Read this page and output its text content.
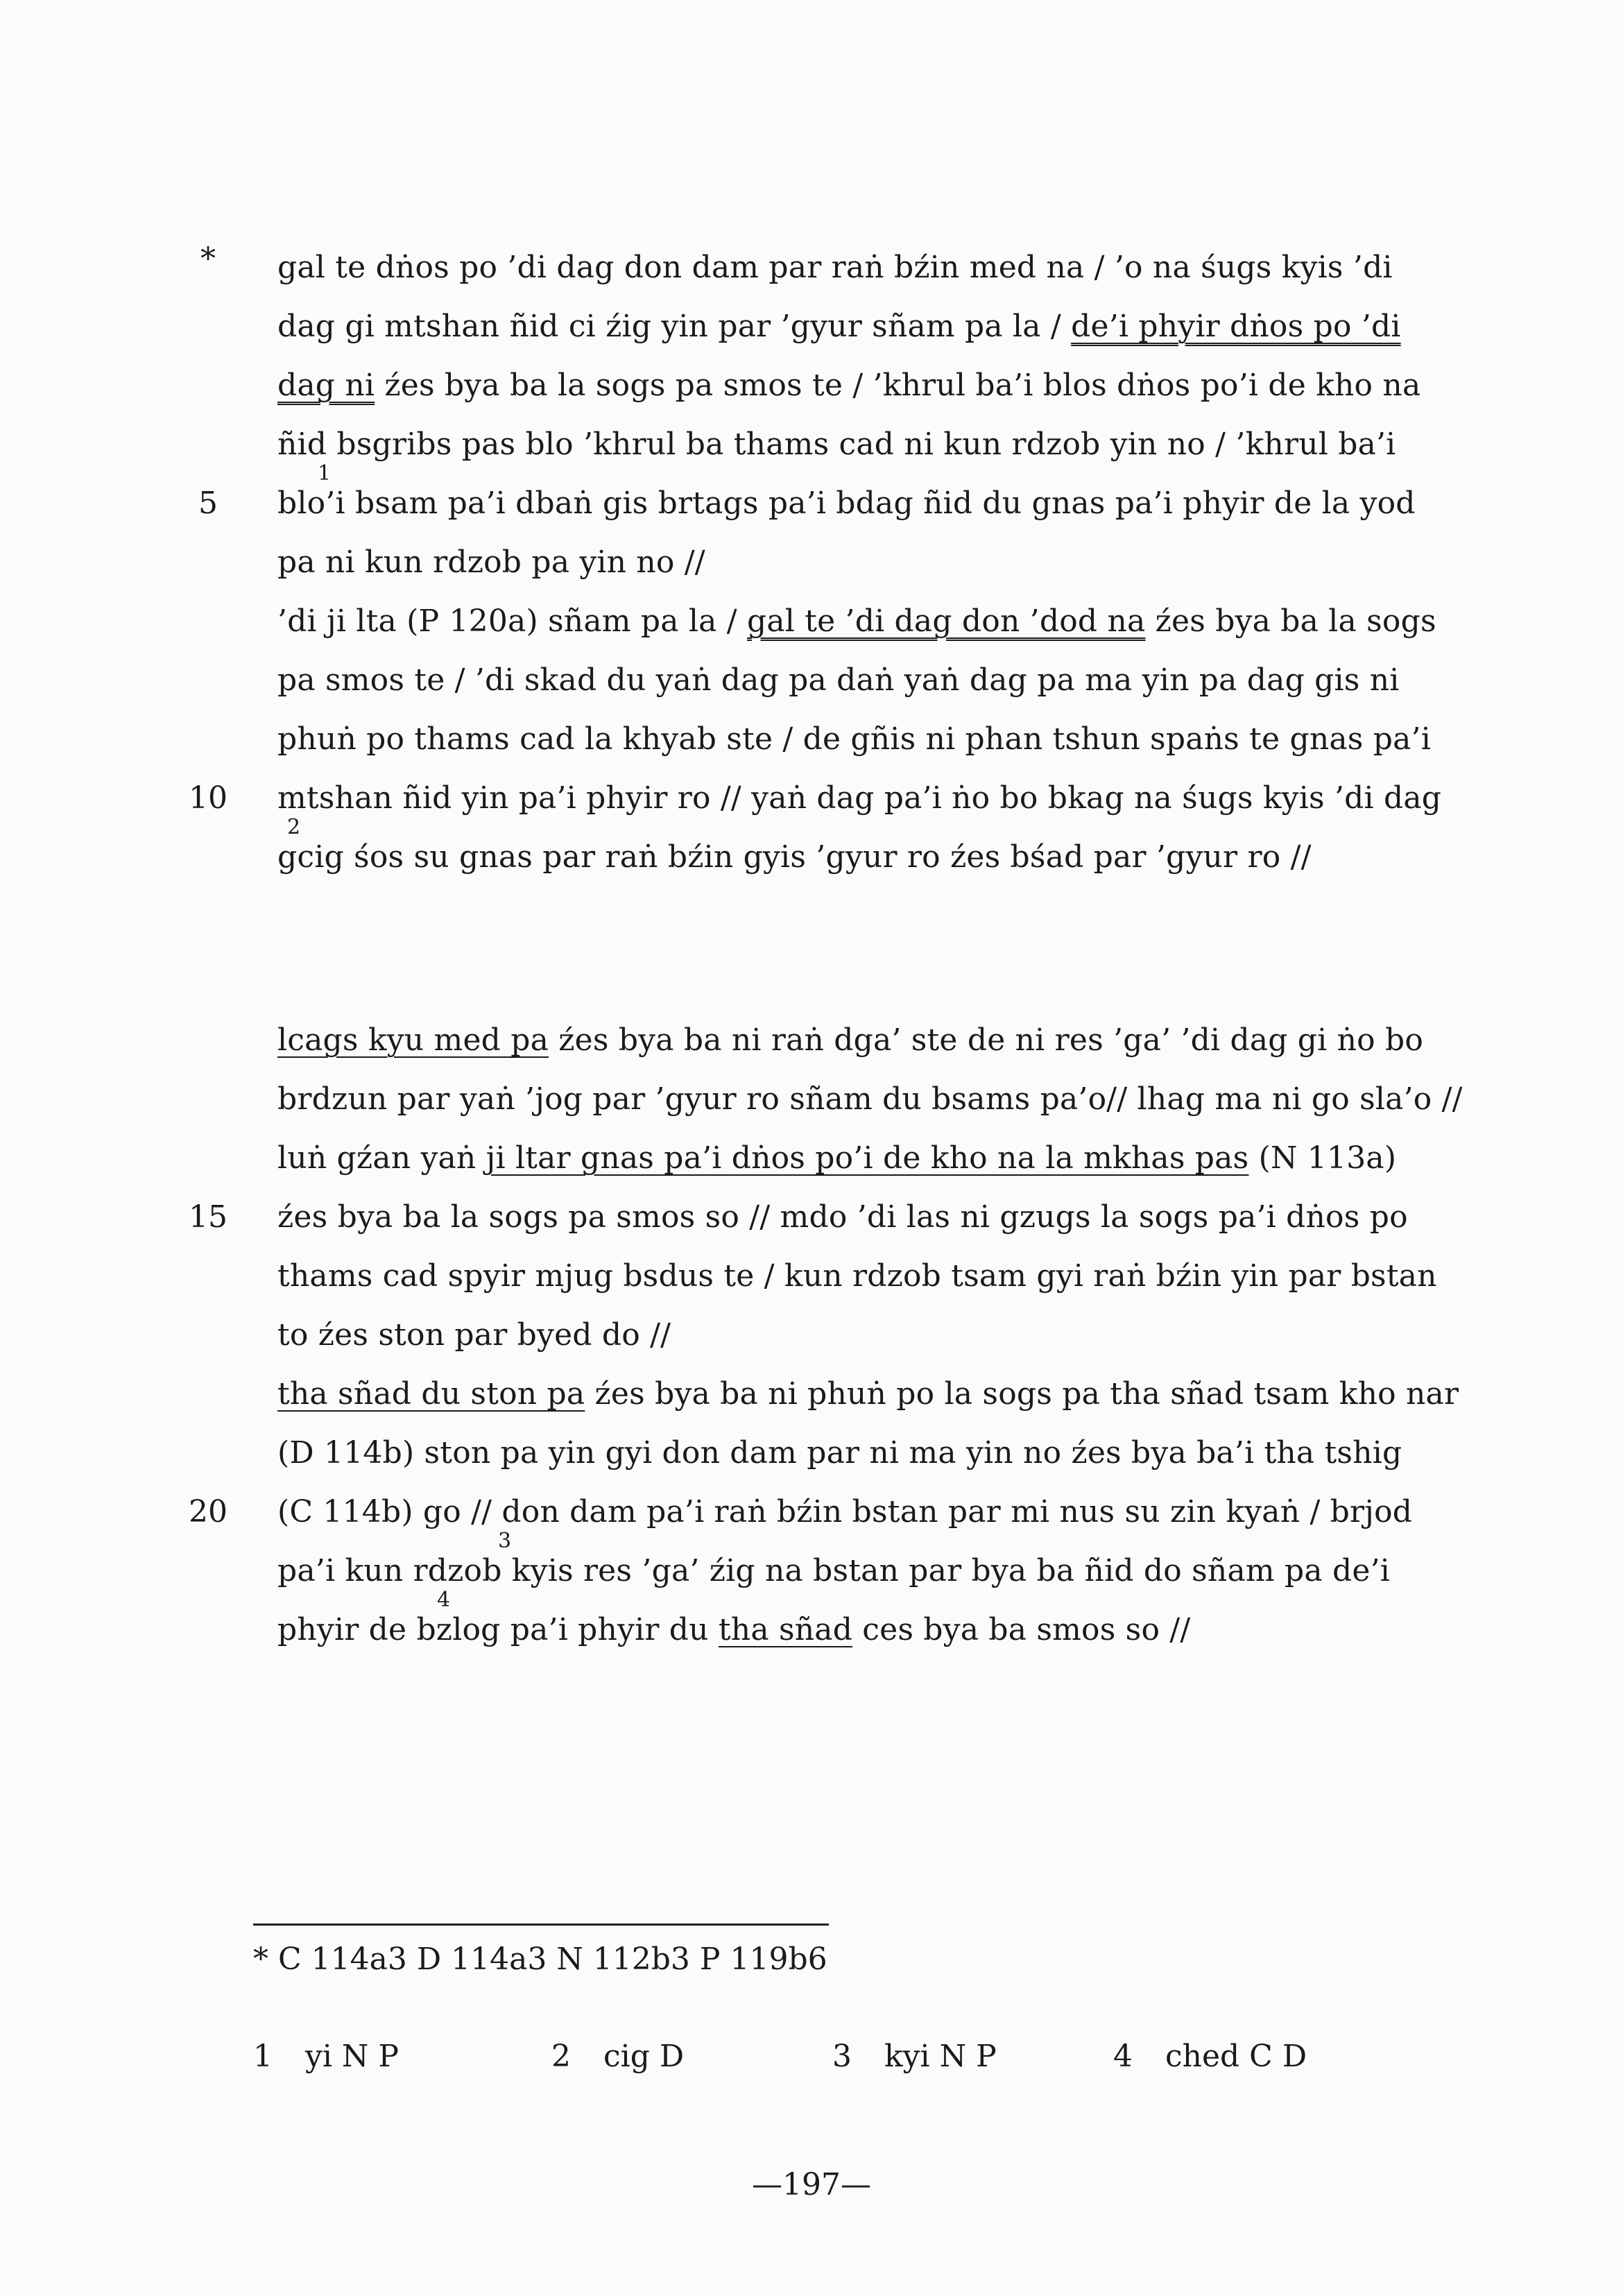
*	gal te dṅos po ’di dag don dam par raṅ bźin med na / ’o na śugs kyis ’di
dag gi mtshan ñid ci źig yin par ’gyur sñam pa la / de’i phyir dṅos po ’di
dag ni źes bya ba la sogs pa smos te / ’khrul ba’i blos dṅos po’i de kho na
ñid bsgribs pas blo ’khrul ba thams cad ni kun rdzob yin no / ’khrul ba’i
1
5	blo’i bsam pa’i dbaṅ gis brtags pa’i bdag ñid du gnas pa’i phyir de la yod
pa ni kun rdzob pa yin no //
’di ji lta (P 120a) sñam pa la / gal te ’di dag don ’dod na źes bya ba la sogs
pa smos te / ’di skad du yaṅ dag pa daṅ yaṅ dag pa ma yin pa dag gis ni
phuṅ po thams cad la khyab ste / de gñis ni phan tshun spaṅs te gnas pa’i
10 mtshan ñid yin pa’i phyir ro // yaṅ dag pa’i ṅo bo bkag na śugs kyis ’di dag
2
gcig śos su gnas par raṅ bźin gyis ’gyur ro źes bśad par ’gyur ro //
lcags kyu med pa źes bya ba ni raṅ dga’ ste de ni res ’ga’ ’di dag gi ṅo bo
brdzun par yaṅ ’jog par ’gyur ro sñam du bsams pa’o// lhag ma ni go sla’o //
luṅ gźan yaṅ ji ltar gnas pa’i dṅos po’i de kho na la mkhas pas (N 113a)
15 źes bya ba la sogs pa smos so // mdo ’di las ni gzugs la sogs pa’i dṅos po
thams cad spyir mjug bsdus te / kun rdzob tsam gyi raṅ bźin yin par bstan
to źes ston par byed do //
tha sñad du ston pa źes bya ba ni phuṅ po la sogs pa tha sñad tsam kho nar
(D 114b) ston pa yin gyi don dam par ni ma yin no źes bya ba’i tha tshig
20 (C 114b) go // don dam pa’i raṅ bźin bstan par mi nus su zin kyaṅ / brjod
3
pa’i kun rdzob kyis res ’ga’ źig na bstan par bya ba ñid do sñam pa de’i
4
phyir de bzlog pa’i phyir du tha sñad ces bya ba smos so //
* C 114a3 D 114a3 N 112b3 P 119b6
1 yi N P	2 cig D	3 kyi N P	4 ched C D
—197—
